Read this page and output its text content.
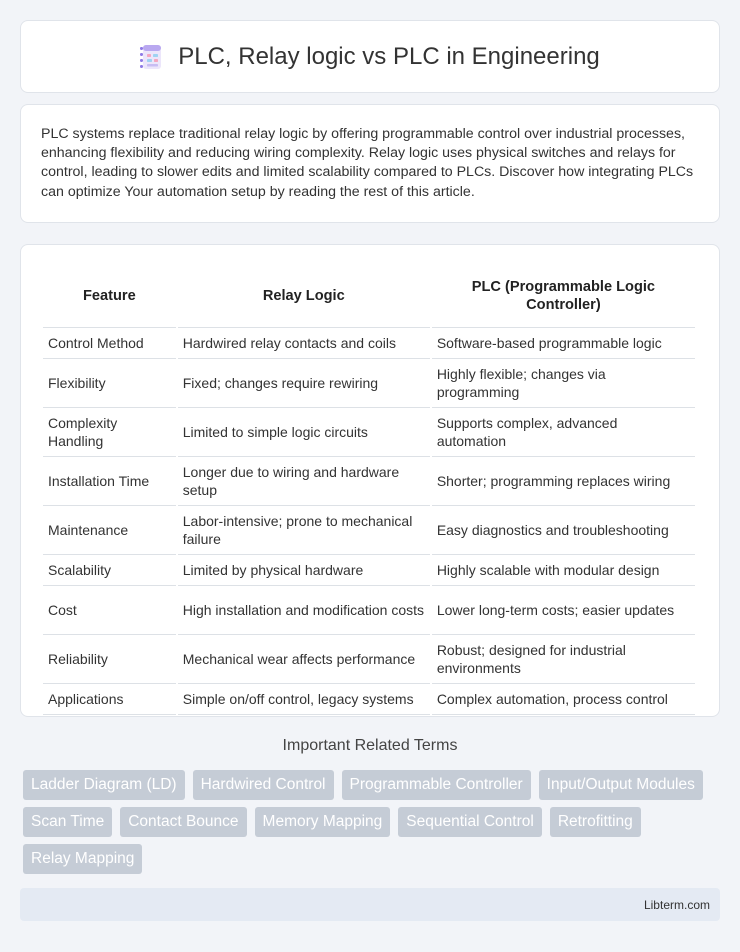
PLC, Relay logic vs PLC in Engineering

PLC systems replace traditional relay logic by offering programmable control over industrial processes, enhancing flexibility and reducing wiring complexity. Relay logic uses physical switches and relays for control, leading to slower edits and limited scalability compared to PLCs. Discover how integrating PLCs can optimize Your automation setup by reading the rest of this article.

Feature	Relay Logic	PLC (Programmable Logic Controller)
Control Method	Hardwired relay contacts and coils	Software-based programmable logic
Flexibility	Fixed; changes require rewiring	Highly flexible; changes via programming
Complexity Handling	Limited to simple logic circuits	Supports complex, advanced automation
Installation Time	Longer due to wiring and hardware setup	Shorter; programming replaces wiring
Maintenance	Labor-intensive; prone to mechanical failure	Easy diagnostics and troubleshooting
Scalability	Limited by physical hardware	Highly scalable with modular design
Cost	High installation and modification costs	Lower long-term costs; easier updates
Reliability	Mechanical wear affects performance	Robust; designed for industrial environments
Applications	Simple on/off control, legacy systems	Complex automation, process control
Important Related Terms
Ladder Diagram (LD)	Hardwired Control	Programmable Controller	Input/Output Modules
Scan Time	Contact Bounce	Memory Mapping	Sequential Control	Retrofitting
Relay Mapping
Libterm.com
